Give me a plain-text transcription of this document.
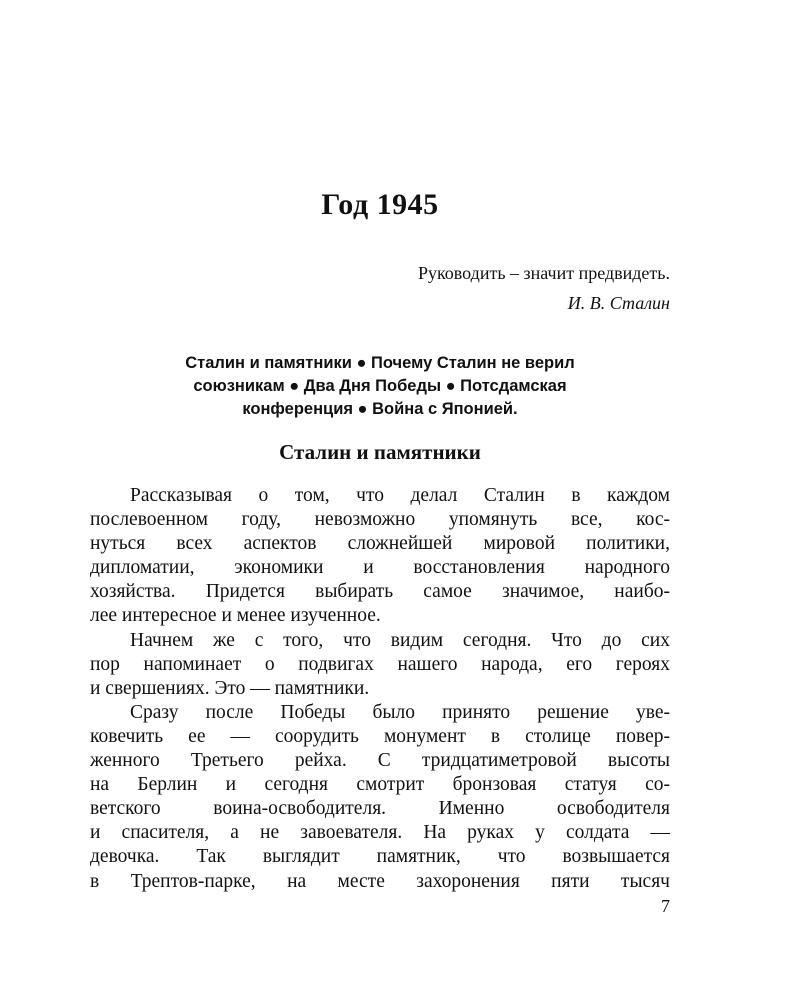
Год 1945
Руководить – значит предвидеть.
И. В. Сталин
Сталин и памятники ● Почему Сталин не верил
союзникам ● Два Дня Победы ● Потсдамская
конференция ● Война с Японией.
Сталин и памятники
Рассказывая о том, что делал Сталин в каждом
послевоенном году, невозможно упомянуть все, кос-
нуться всех аспектов сложнейшей мировой политики,
дипломатии, экономики и восстановления народного
хозяйства. Придется выбирать самое значимое, наибо-
лее интересное и менее изученное.
Начнем же с того, что видим сегодня. Что до сих
пор напоминает о подвигах нашего народа, его героях
и свершениях. Это — памятники.
Сразу после Победы было принято решение уве-
ковечить ее — соорудить монумент в столице повер-
женного Третьего рейха. С тридцатиметровой высоты
на Берлин и сегодня смотрит бронзовая статуя со-
ветского воина-освободителя. Именно освободителя
и спасителя, а не завоевателя. На руках у солдата —
девочка. Так выглядит памятник, что возвышается
в Трептов-парке, на месте захоронения пяти тысяч
7
